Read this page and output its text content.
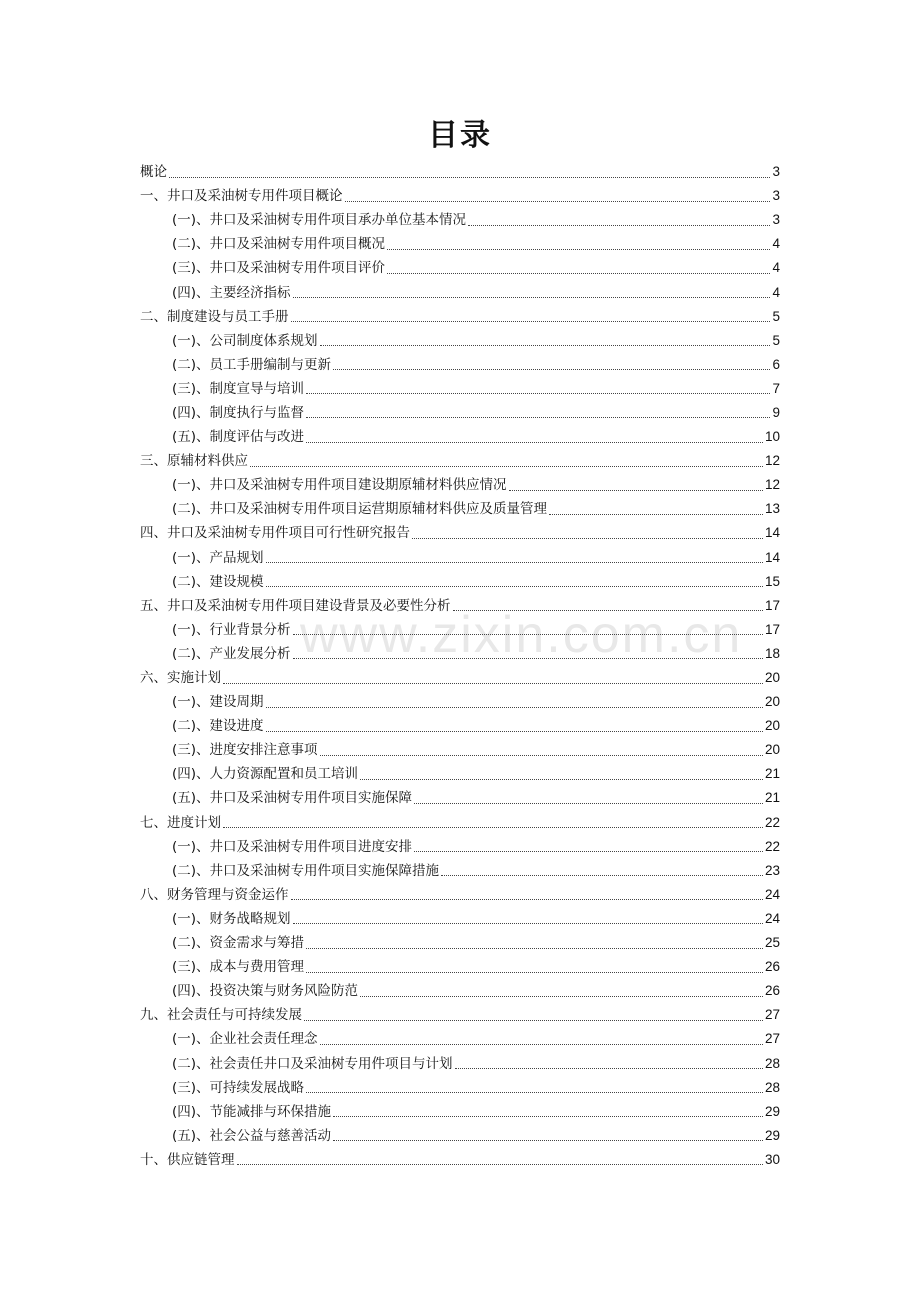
目录
www.zixin.com.cn
概论	3
一、井口及采油树专用件项目概论	3
(一)、井口及采油树专用件项目承办单位基本情况	3
(二)、井口及采油树专用件项目概况	4
(三)、井口及采油树专用件项目评价	4
(四)、主要经济指标	4
二、制度建设与员工手册	5
(一)、公司制度体系规划	5
(二)、员工手册编制与更新	6
(三)、制度宣导与培训	7
(四)、制度执行与监督	9
(五)、制度评估与改进	10
三、原辅材料供应	12
(一)、井口及采油树专用件项目建设期原辅材料供应情况	12
(二)、井口及采油树专用件项目运营期原辅材料供应及质量管理	13
四、井口及采油树专用件项目可行性研究报告	14
(一)、产品规划	14
(二)、建设规模	15
五、井口及采油树专用件项目建设背景及必要性分析	17
(一)、行业背景分析	17
(二)、产业发展分析	18
六、实施计划	20
(一)、建设周期	20
(二)、建设进度	20
(三)、进度安排注意事项	20
(四)、人力资源配置和员工培训	21
(五)、井口及采油树专用件项目实施保障	21
七、进度计划	22
(一)、井口及采油树专用件项目进度安排	22
(二)、井口及采油树专用件项目实施保障措施	23
八、财务管理与资金运作	24
(一)、财务战略规划	24
(二)、资金需求与筹措	25
(三)、成本与费用管理	26
(四)、投资决策与财务风险防范	26
九、社会责任与可持续发展	27
(一)、企业社会责任理念	27
(二)、社会责任井口及采油树专用件项目与计划	28
(三)、可持续发展战略	28
(四)、节能减排与环保措施	29
(五)、社会公益与慈善活动	29
十、供应链管理	30
